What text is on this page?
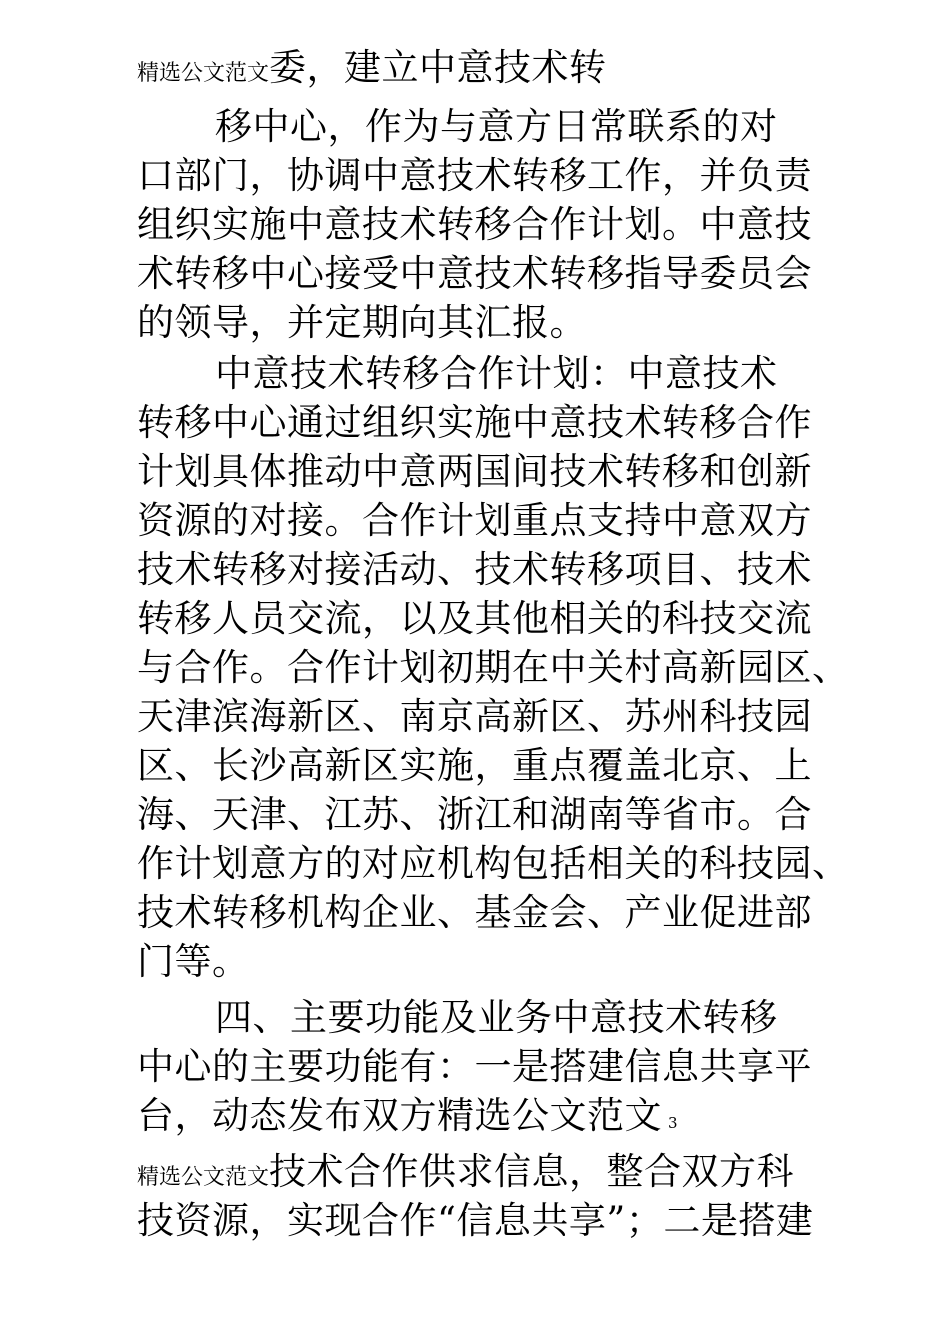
精选公文范文委，建立中意技术转
移中心，作为与意方日常联系的对
口部门，协调中意技术转移工作，并负责
组织实施中意技术转移合作计划。中意技
术转移中心接受中意技术转移指导委员会
的领导，并定期向其汇报。
中意技术转移合作计划：中意技术
转移中心通过组织实施中意技术转移合作
计划具体推动中意两国间技术转移和创新
资源的对接。合作计划重点支持中意双方
技术转移对接活动、技术转移项目、技术
转移人员交流，以及其他相关的科技交流
与合作。合作计划初期在中关村高新园区、
天津滨海新区、南京高新区、苏州科技园
区、长沙高新区实施，重点覆盖北京、上
海、天津、江苏、浙江和湖南等省市。合
作计划意方的对应机构包括相关的科技园、
技术转移机构企业、基金会、产业促进部
门等。
四、主要功能及业务中意技术转移
中心的主要功能有：一是搭建信息共享平
台，动态发布双方精选公文范文 3
精选公文范文技术合作供求信息，整合双方科
技资源，实现合作“信息共享”；二是搭建
